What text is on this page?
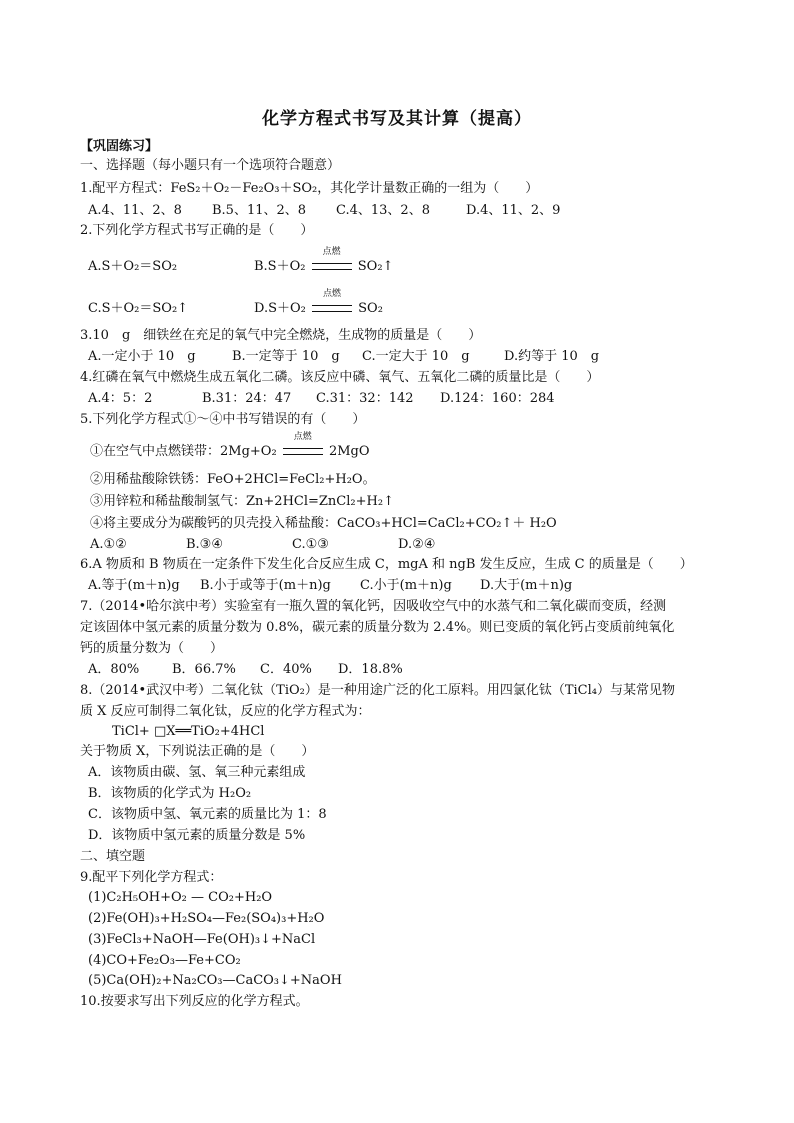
化学方程式书写及其计算（提高）
【巩固练习】
一、选择题（每小题只有一个选项符合题意）
1.配平方程式：FeS₂＋O₂－Fe₂O₃＋SO₂，其化学计量数正确的一组为（　　）
A.4、11、2、8 B.5、11、2、8 C.4、13、2、8	D.4、11、2、9
2.下列化学方程式书写正确的是（　　）
A.S＋O₂＝SO₂	B.S＋O₂
点燃
SO₂↑
C.S＋O₂＝SO₂↑	D.S＋O₂
点燃
SO₂
3.10　g　细铁丝在充足的氧气中完全燃烧，生成物的质量是（　　）
A.一定小于 10　g	B.一定等于 10　g C.一定大于 10　g	D.约等于 10　g
4.红磷在氧气中燃烧生成五氧化二磷。该反应中磷、氧气、五氧化二磷的质量比是（　　）
A.4：5：2	B.31：24：47 C.31：32：142 D.124：160：284
5.下列化学方程式①～④中书写错误的有（　　）
①在空气中点燃镁带：2Mg+O₂
点燃
2MgO
②用稀盐酸除铁锈：FeO+2HCl=FeCl₂+H₂O。
③用锌粒和稀盐酸制氢气：Zn+2HCl=ZnCl₂+H₂↑
④将主要成分为碳酸钙的贝壳投入稀盐酸：CaCO₃+HCl=CaCl₂+CO₂↑＋ H₂O
A.①②	B.③④	C.①③	D.②④
6.A 物质和 B 物质在一定条件下发生化合反应生成 C，mgA 和 ngB 发生反应，生成 C 的质量是（　　）
A.等于(m＋n)g B.小于或等于(m＋n)g C.小于(m＋n)g D.大于(m＋n)g
7.（2014•哈尔滨中考）实验室有一瓶久置的氧化钙，因吸收空气中的水蒸气和二氧化碳而变质，经测
定该固体中氢元素的质量分数为 0.8%，碳元素的质量分数为 2.4%。则已变质的氧化钙占变质前纯氧化
钙的质量分数为（　　）
A．80%	B．66.7% C．40% D．18.8%
8.（2014•武汉中考）二氧化钛（TiO₂）是一种用途广泛的化工原料。用四氯化钛（TiCl₄）与某常见物
质 X 反应可制得二氧化钛，反应的化学方程式为：
TiCl+ □X══TiO₂+4HCl
关于物质 X，下列说法正确的是（　　）
A．该物质由碳、氢、氧三种元素组成
B．该物质的化学式为 H₂O₂
C．该物质中氢、氧元素的质量比为 1：8
D．该物质中氢元素的质量分数是 5%
二、填空题
9.配平下列化学方程式：
(1)C₂H₅OH+O₂ — CO₂+H₂O
(2)Fe(OH)₃+H₂SO₄—Fe₂(SO₄)₃+H₂O
(3)FeCl₃+NaOH—Fe(OH)₃↓+NaCl
(4)CO+Fe₂O₃—Fe+CO₂
(5)Ca(OH)₂+Na₂CO₃—CaCO₃↓+NaOH
10.按要求写出下列反应的化学方程式。
